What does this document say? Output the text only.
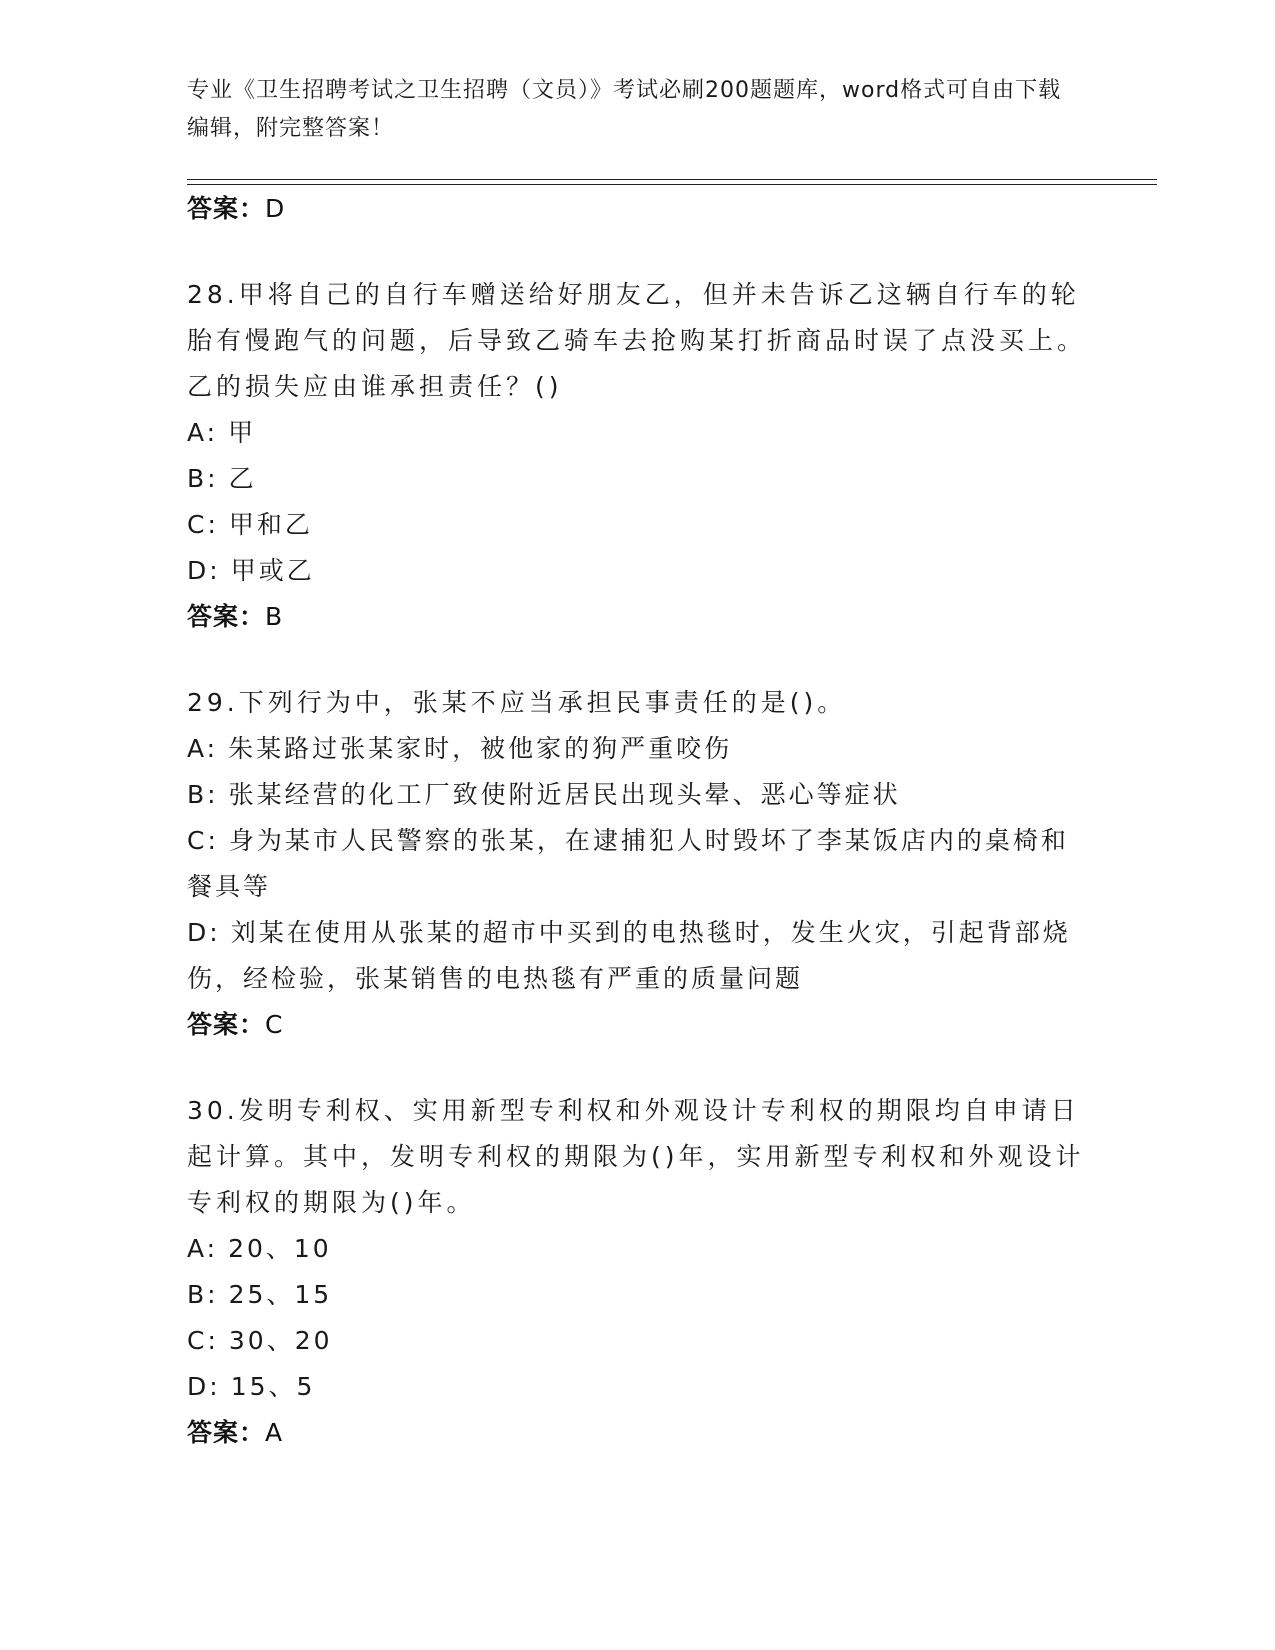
专业《卫生招聘考试之卫生招聘（文员）》考试必刷200题题库，word格式可自由下载编辑，附完整答案！
答案：D
28.甲将自己的自行车赠送给好朋友乙，但并未告诉乙这辆自行车的轮胎有慢跑气的问题，后导致乙骑车去抢购某打折商品时误了点没买上。乙的损失应由谁承担责任？()
A: 甲
B: 乙
C: 甲和乙
D: 甲或乙
答案：B
29.下列行为中，张某不应当承担民事责任的是()。
A: 朱某路过张某家时，被他家的狗严重咬伤
B: 张某经营的化工厂致使附近居民出现头晕、恶心等症状
C: 身为某市人民警察的张某，在逮捕犯人时毁坏了李某饭店内的桌椅和餐具等
D: 刘某在使用从张某的超市中买到的电热毯时，发生火灾，引起背部烧伤，经检验，张某销售的电热毯有严重的质量问题
答案：C
30.发明专利权、实用新型专利权和外观设计专利权的期限均自申请日起计算。其中，发明专利权的期限为()年，实用新型专利权和外观设计专利权的期限为()年。
A: 20、10
B: 25、15
C: 30、20
D: 15、5
答案：A
